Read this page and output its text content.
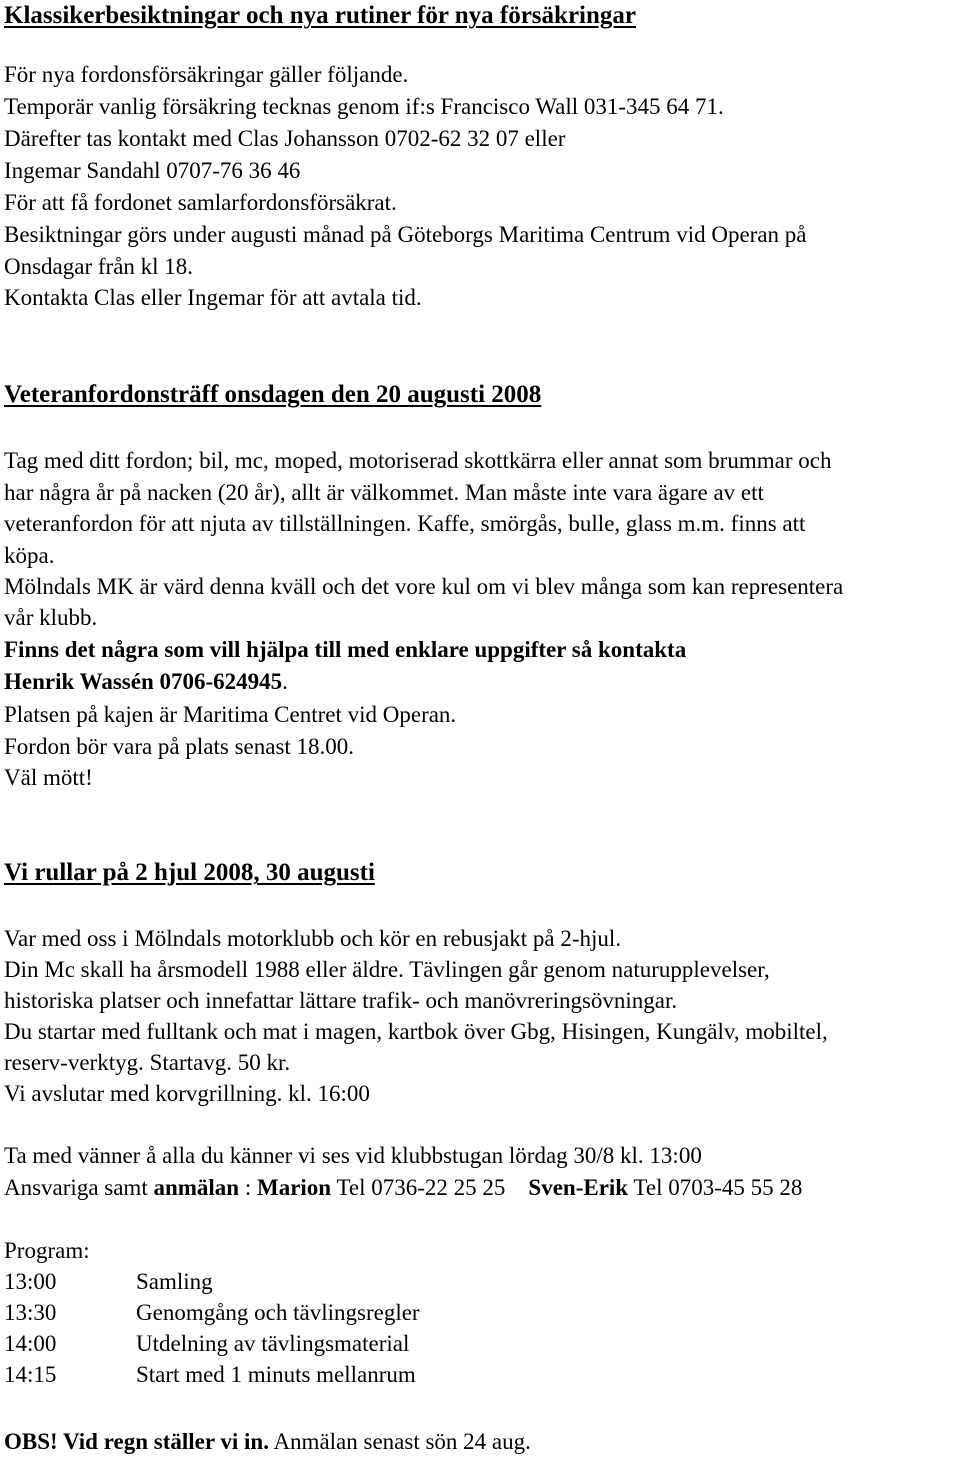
Klassikerbesiktningar och nya rutiner för nya försäkringar

För nya fordonsförsäkringar gäller följande.

Temporär vanlig försäkring tecknas genom if:s Francisco Wall 031-345 64 71.

Därefter tas kontakt med Clas Johansson 0702-62 32 07 eller

Ingemar Sandahl 0707-76 36 46

För att få fordonet samlarfordonsförsäkrat.

Besiktningar görs under augusti månad på Göteborgs Maritima Centrum vid Operan på

Onsdagar från kl 18.

Kontakta Clas eller Ingemar för att avtala tid.

Veteranfordonsträff onsdagen den 20 augusti 2008

Tag med ditt fordon; bil, mc, moped, motoriserad skottkärra eller annat som brummar och

har några år på nacken (20 år), allt är välkommet. Man måste inte vara ägare av ett

veteranfordon för att njuta av tillställningen. Kaffe, smörgås, bulle, glass m.m. finns att

köpa.

Mölndals MK är värd denna kväll och det vore kul om vi blev många som kan representera

vår klubb.

Finns det några som vill hjälpa till med enklare uppgifter så kontakta

Henrik Wassén 0706-624945.

Platsen på kajen är Maritima Centret vid Operan.

Fordon bör vara på plats senast 18.00.

Väl mött!

Vi rullar på 2 hjul 2008, 30 augusti

Var med oss i Mölndals motorklubb och kör en rebusjakt på 2-hjul.

Din Mc skall ha årsmodell 1988 eller äldre. Tävlingen går genom naturupplevelser,

historiska platser och innefattar lättare trafik- och manövreringsövningar.

Du startar med fulltank och mat i magen, kartbok över Gbg, Hisingen, Kungälv, mobiltel,

reserv-verktyg. Startavg. 50 kr.

Vi avslutar med korvgrillning. kl. 16:00

Ta med vänner å alla du känner vi ses vid klubbstugan lördag 30/8 kl. 13:00

Ansvariga samt anmälan : Marion Tel 0736-22 25 25    Sven-Erik Tel 0703-45 55 28

Program:

13:00	Samling

13:30	Genomgång och tävlingsregler

14:00	Utdelning av tävlingsmaterial

14:15	Start med 1 minuts mellanrum

OBS! Vid regn ställer vi in. Anmälan senast sön 24 aug.
